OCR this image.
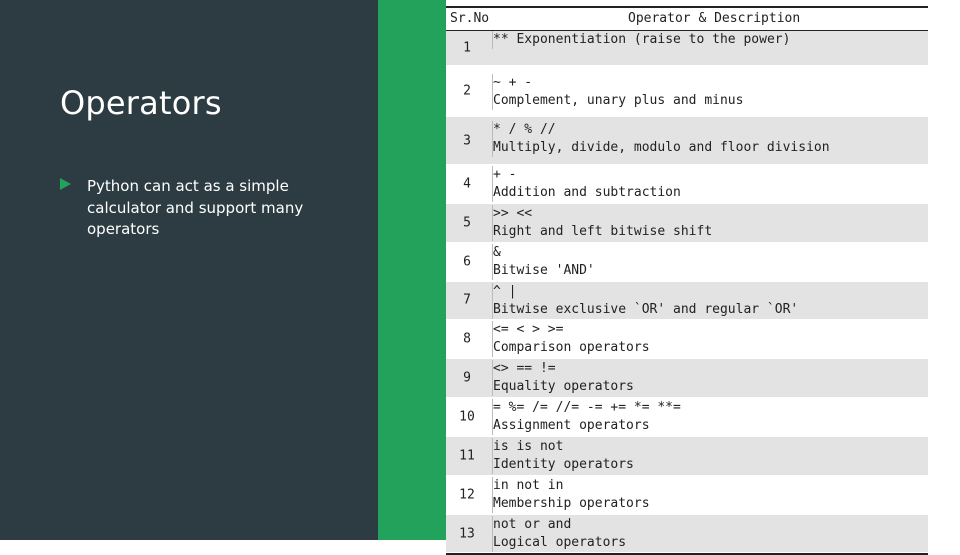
Operators
Python can act as a simple calculator and support many operators
Sr.No	Operator & Description
1
** Exponentiation (raise to the power)
2
~ + -
Complement, unary plus and minus
3
* / % //
Multiply, divide, modulo and floor division
4
+ -
Addition and subtraction
5
>> <<
Right and left bitwise shift
6
&
Bitwise 'AND'
7
^ |
Bitwise exclusive `OR' and regular `OR'
8
<= < > >=
Comparison operators
9
<> == !=
Equality operators
10
= %= /= //= -= += *= **=
Assignment operators
11
is is not
Identity operators
12
in not in
Membership operators
13
not or and
Logical operators
